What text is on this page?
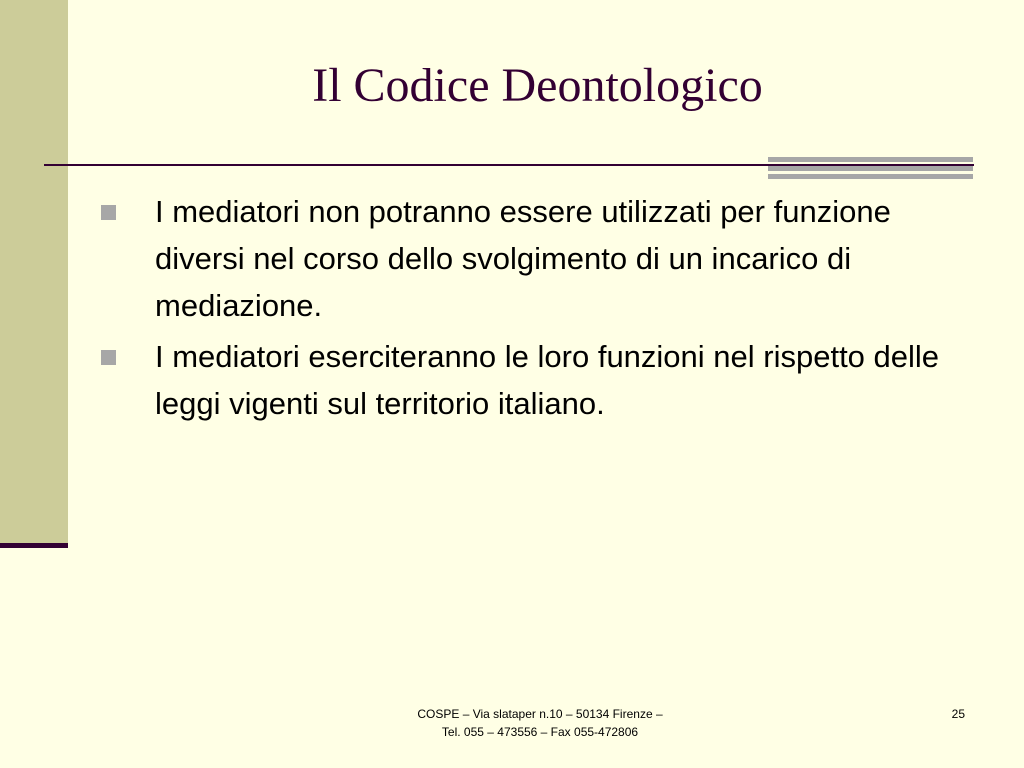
Il Codice Deontologico
I mediatori non potranno essere utilizzati per funzione diversi nel corso dello svolgimento di un incarico di mediazione.
I mediatori eserciteranno le loro funzioni nel rispetto delle leggi vigenti sul territorio italiano.
COSPE – Via slataper n.10 – 50134 Firenze –
Tel. 055 – 473556 – Fax 055-472806
25
